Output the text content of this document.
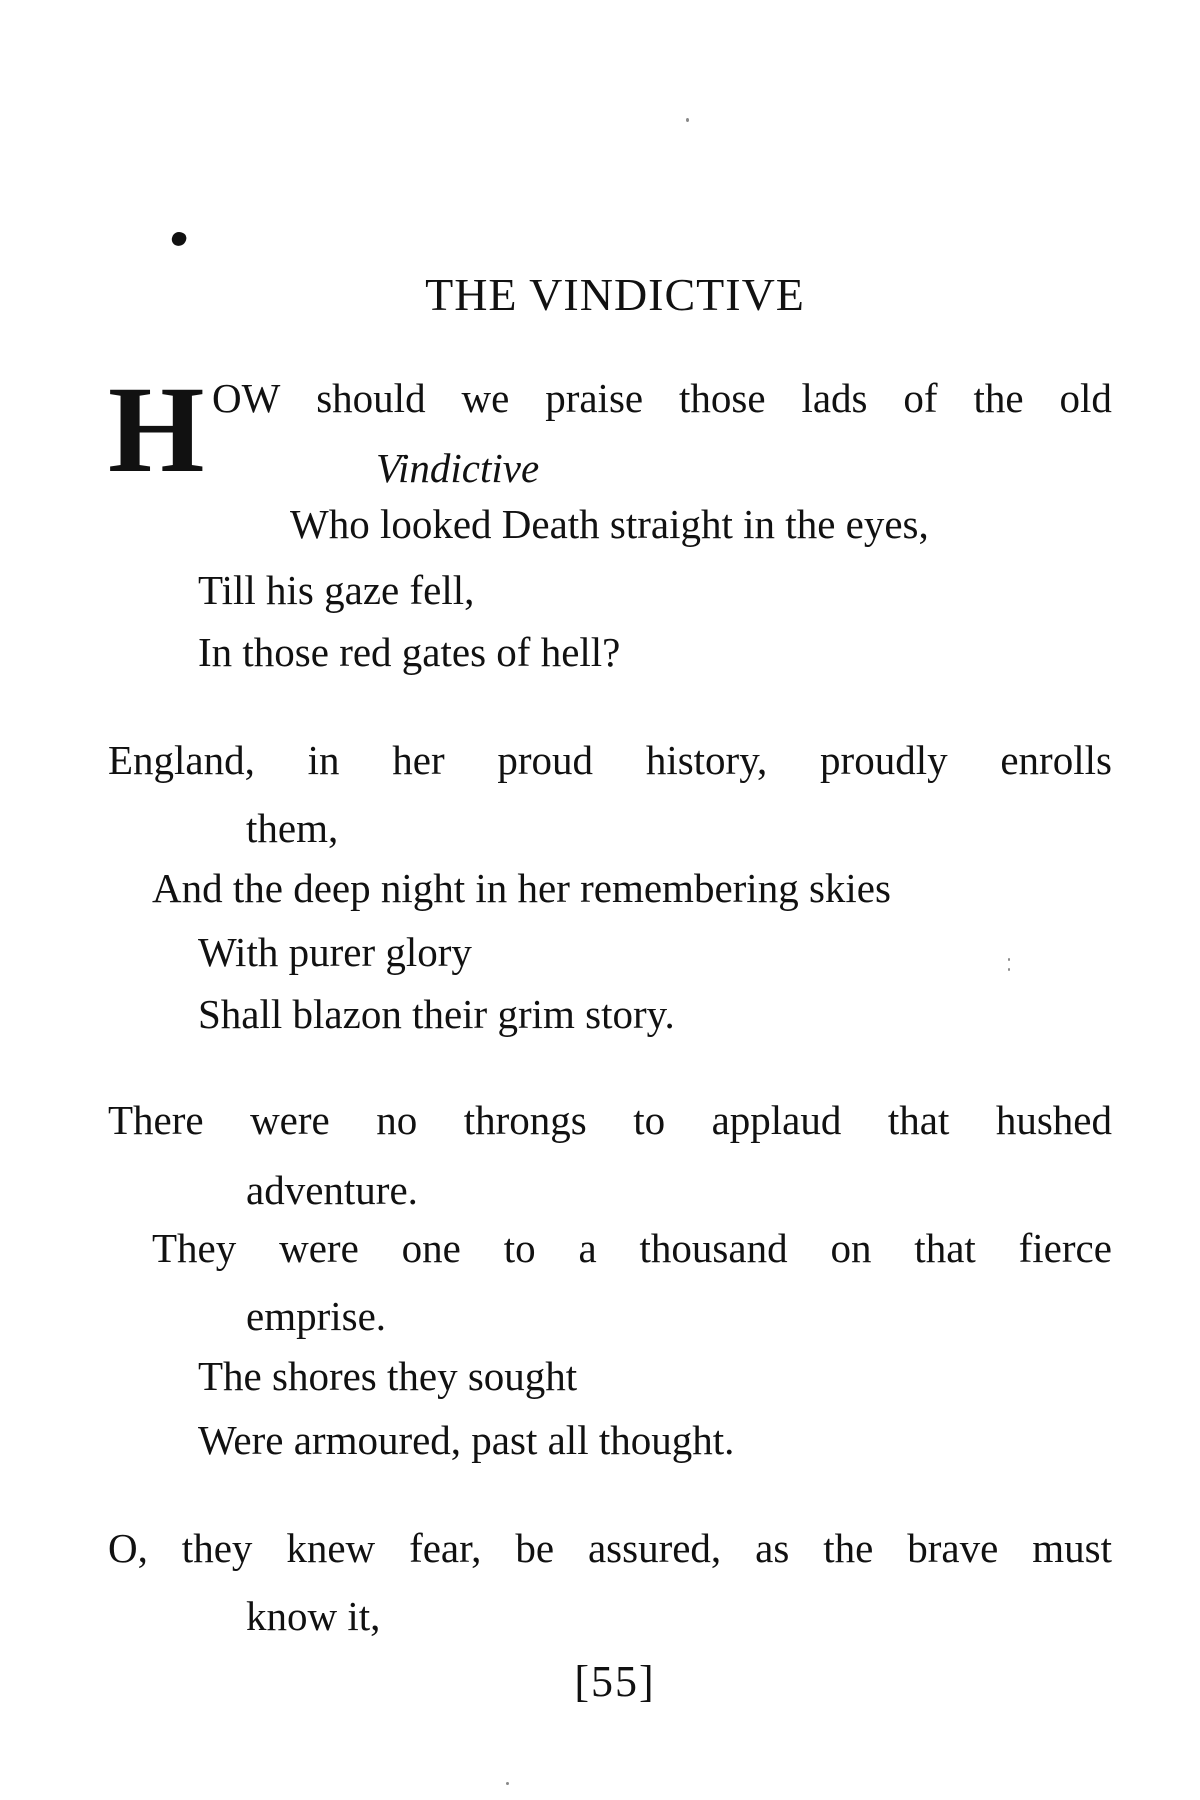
THE VINDICTIVE
H OW should we praise those lads of the old
Vindictive
Who looked Death straight in the eyes,
Till his gaze fell,
In those red gates of hell?
England, in her proud history, proudly enrolls
them,
And the deep night in her remembering skies
With purer glory
Shall blazon their grim story.
There were no throngs to applaud that hushed
adventure.
They were one to a thousand on that fierce
emprise.
The shores they sought
Were armoured, past all thought.
O, they knew fear, be assured, as the brave must
know it,
[55]
